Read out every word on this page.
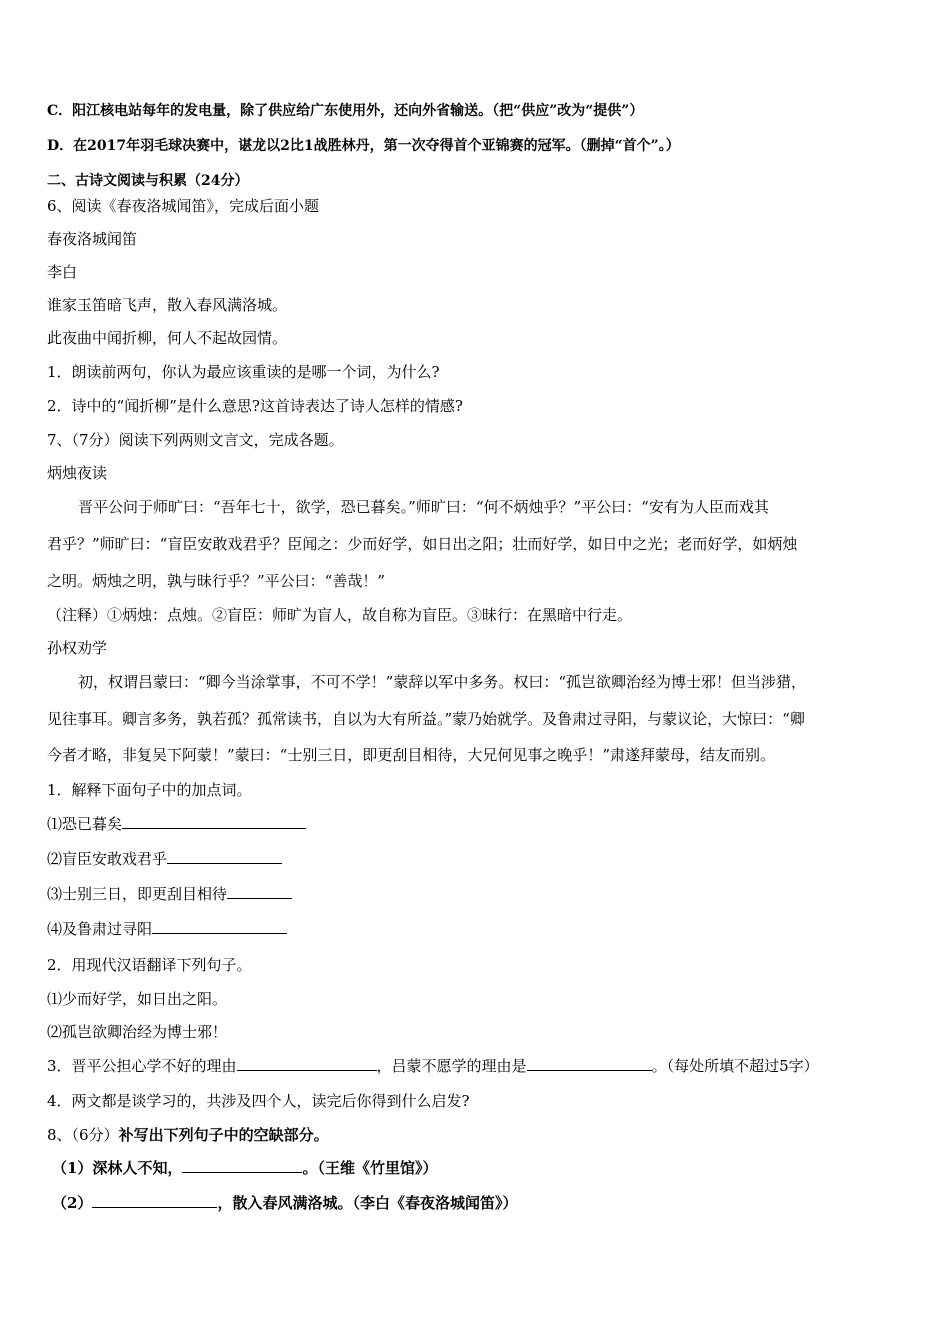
C．阳江核电站每年的发电量，除了供应给广东使用外，还向外省输送。（把“供应”改为“提供”）
D．在2017年羽毛球决赛中，谌龙以2比1战胜林丹，第一次夺得首个亚锦赛的冠军。（删掉“首个”。）
二、古诗文阅读与积累（24分）
6、阅读《春夜洛城闻笛》，完成后面小题
春夜洛城闻笛
李白
谁家玉笛暗飞声，散入春风满洛城。
此夜曲中闻折柳，何人不起故园情。
1．朗读前两句，你认为最应该重读的是哪一个词，为什么?
2．诗中的“闻折柳”是什么意思?这首诗表达了诗人怎样的情感?
7、（7分）阅读下列两则文言文，完成各题。
炳烛夜读
晋平公问于师旷曰：“吾年七十，欲学，恐已暮矣。”师旷曰：“何不炳烛乎？”平公曰：“安有为人臣而戏其
君乎？”师旷曰：“盲臣安敢戏君乎？臣闻之：少而好学，如日出之阳；壮而好学，如日中之光；老而好学，如炳烛
之明。炳烛之明，孰与昧行乎？”平公曰：“善哉！”
（注释）①炳烛：点烛。②盲臣：师旷为盲人，故自称为盲臣。③昧行：在黑暗中行走。
孙权劝学
初，权谓吕蒙曰：“卿今当涂掌事，不可不学！”蒙辞以军中多务。权曰：“孤岂欲卿治经为博士邪！但当涉猎，
见往事耳。卿言多务，孰若孤？孤常读书，自以为大有所益。”蒙乃始就学。及鲁肃过寻阳，与蒙议论，大惊曰：“卿
今者才略，非复吴下阿蒙！”蒙曰：“士别三日，即更刮目相待，大兄何见事之晚乎！”肃遂拜蒙母，结友而别。
1．解释下面句子中的加点词。
⑴恐已暮矣
⑵盲臣安敢戏君乎
⑶士别三日，即更刮目相待
⑷及鲁肃过寻阳
2．用现代汉语翻译下列句子。
⑴少而好学，如日出之阳。
⑵孤岂欲卿治经为博士邪！
3．晋平公担心学不好的理由	，吕蒙不愿学的理由是	。（每处所填不超过5字）
4．两文都是谈学习的，共涉及四个人，读完后你得到什么启发?
8、（6分）补写出下列句子中的空缺部分。
（1）深林人不知，	。（王维《竹里馆》）
（2）	，散入春风满洛城。（李白《春夜洛城闻笛》）
